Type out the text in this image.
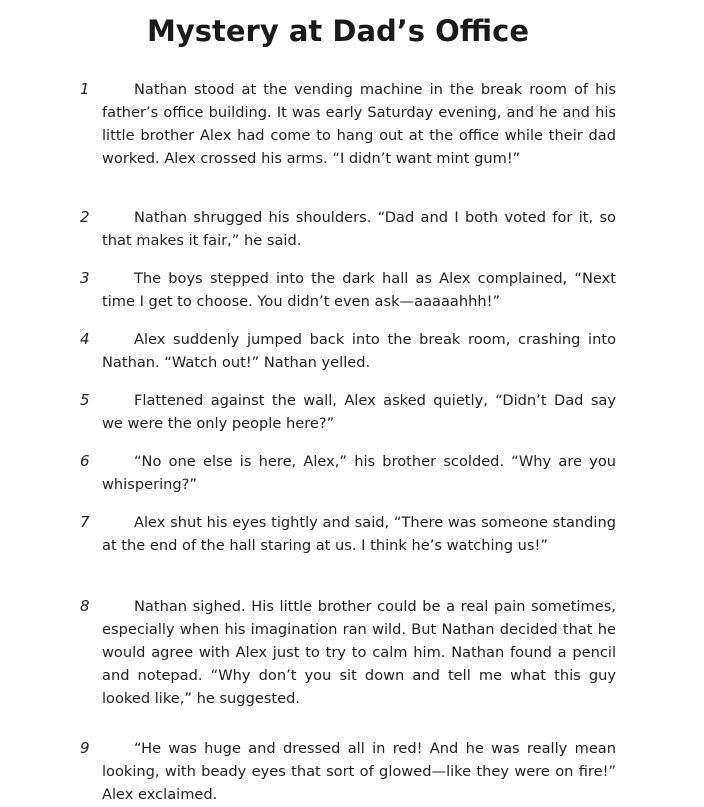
Mystery at Dad’s Office
1	Nathan stood at the vending machine in the break room of his father’s office building. It was early Saturday evening, and he and his little brother Alex had come to hang out at the office while their dad worked. Alex crossed his arms. “I didn’t want mint gum!”

2	Nathan shrugged his shoulders. “Dad and I both voted for it, so that makes it fair,” he said.

3	The boys stepped into the dark hall as Alex complained, “Next time I get to choose. You didn’t even ask—aaaaahhh!”

4	Alex suddenly jumped back into the break room, crashing into Nathan. “Watch out!” Nathan yelled.

5	Flattened against the wall, Alex asked quietly, “Didn’t Dad say we were the only people here?”

6	“No one else is here, Alex,” his brother scolded. “Why are you whispering?”

7	Alex shut his eyes tightly and said, “There was someone standing at the end of the hall staring at us. I think he’s watching us!”

8	Nathan sighed. His little brother could be a real pain sometimes, especially when his imagination ran wild. But Nathan decided that he would agree with Alex just to try to calm him. Nathan found a pencil and notepad. “Why don’t you sit down and tell me what this guy looked like,” he suggested.

9	“He was huge and dressed all in red! And he was really mean looking, with beady eyes that sort of glowed—like they were on fire!” Alex exclaimed.
